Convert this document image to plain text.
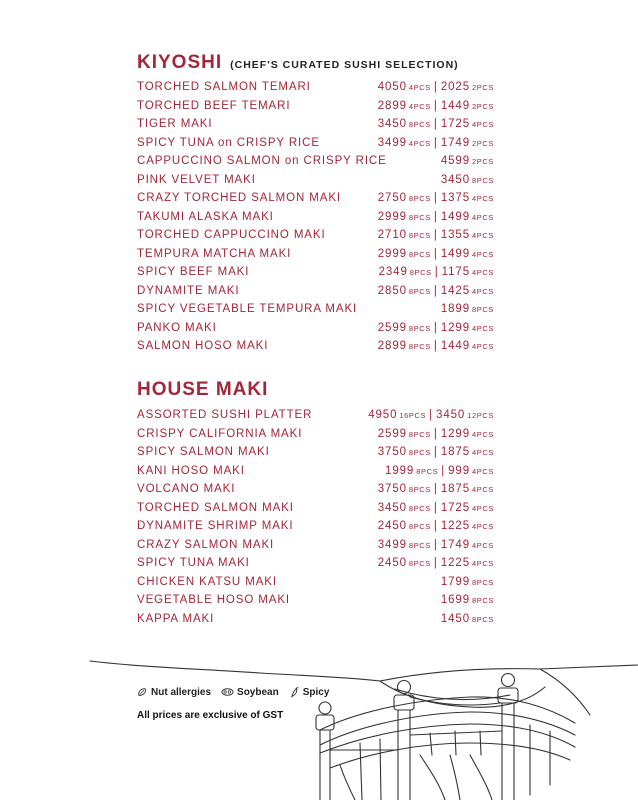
KIYOSHI (CHEF'S CURATED SUSHI SELECTION)
TORCHED SALMON TEMARI	4050 4PCS | 2025 2PCS
TORCHED BEEF TEMARI	2899 4PCS | 1449 2PCS
TIGER MAKI	3450 8PCS | 1725 4PCS
SPICY TUNA on CRISPY RICE	3499 4PCS | 1749 2PCS
CAPPUCCINO SALMON on CRISPY RICE	4599 2PCS
PINK VELVET MAKI	3450 8PCS
CRAZY TORCHED SALMON MAKI	2750 8PCS | 1375 4PCS
TAKUMI ALASKA MAKI	2999 8PCS | 1499 4PCS
TORCHED CAPPUCCINO MAKI	2710 8PCS | 1355 4PCS
TEMPURA MATCHA MAKI	2999 8PCS | 1499 4PCS
SPICY BEEF MAKI	2349 8PCS | 1175 4PCS
DYNAMITE MAKI	2850 8PCS | 1425 4PCS
SPICY VEGETABLE TEMPURA MAKI	1899 8PCS
PANKO MAKI	2599 8PCS | 1299 4PCS
SALMON HOSO MAKI	2899 8PCS | 1449 4PCS
HOUSE MAKI
ASSORTED SUSHI PLATTER	4950 16PCS | 3450 12PCS
CRISPY CALIFORNIA MAKI	2599 8PCS | 1299 4PCS
SPICY SALMON MAKI	3750 8PCS | 1875 4PCS
KANI HOSO MAKI	1999 8PCS | 999 4PCS
VOLCANO MAKI	3750 8PCS | 1875 4PCS
TORCHED SALMON MAKI	3450 8PCS | 1725 4PCS
DYNAMITE SHRIMP MAKI	2450 8PCS | 1225 4PCS
CRAZY SALMON MAKI	3499 8PCS | 1749 4PCS
SPICY TUNA MAKI	2450 8PCS | 1225 4PCS
CHICKEN KATSU MAKI	1799 8PCS
VEGETABLE HOSO MAKI	1699 8PCS
KAPPA MAKI	1450 8PCS
Nut allergies	Soybean Spicy
All prices are exclusive of GST
